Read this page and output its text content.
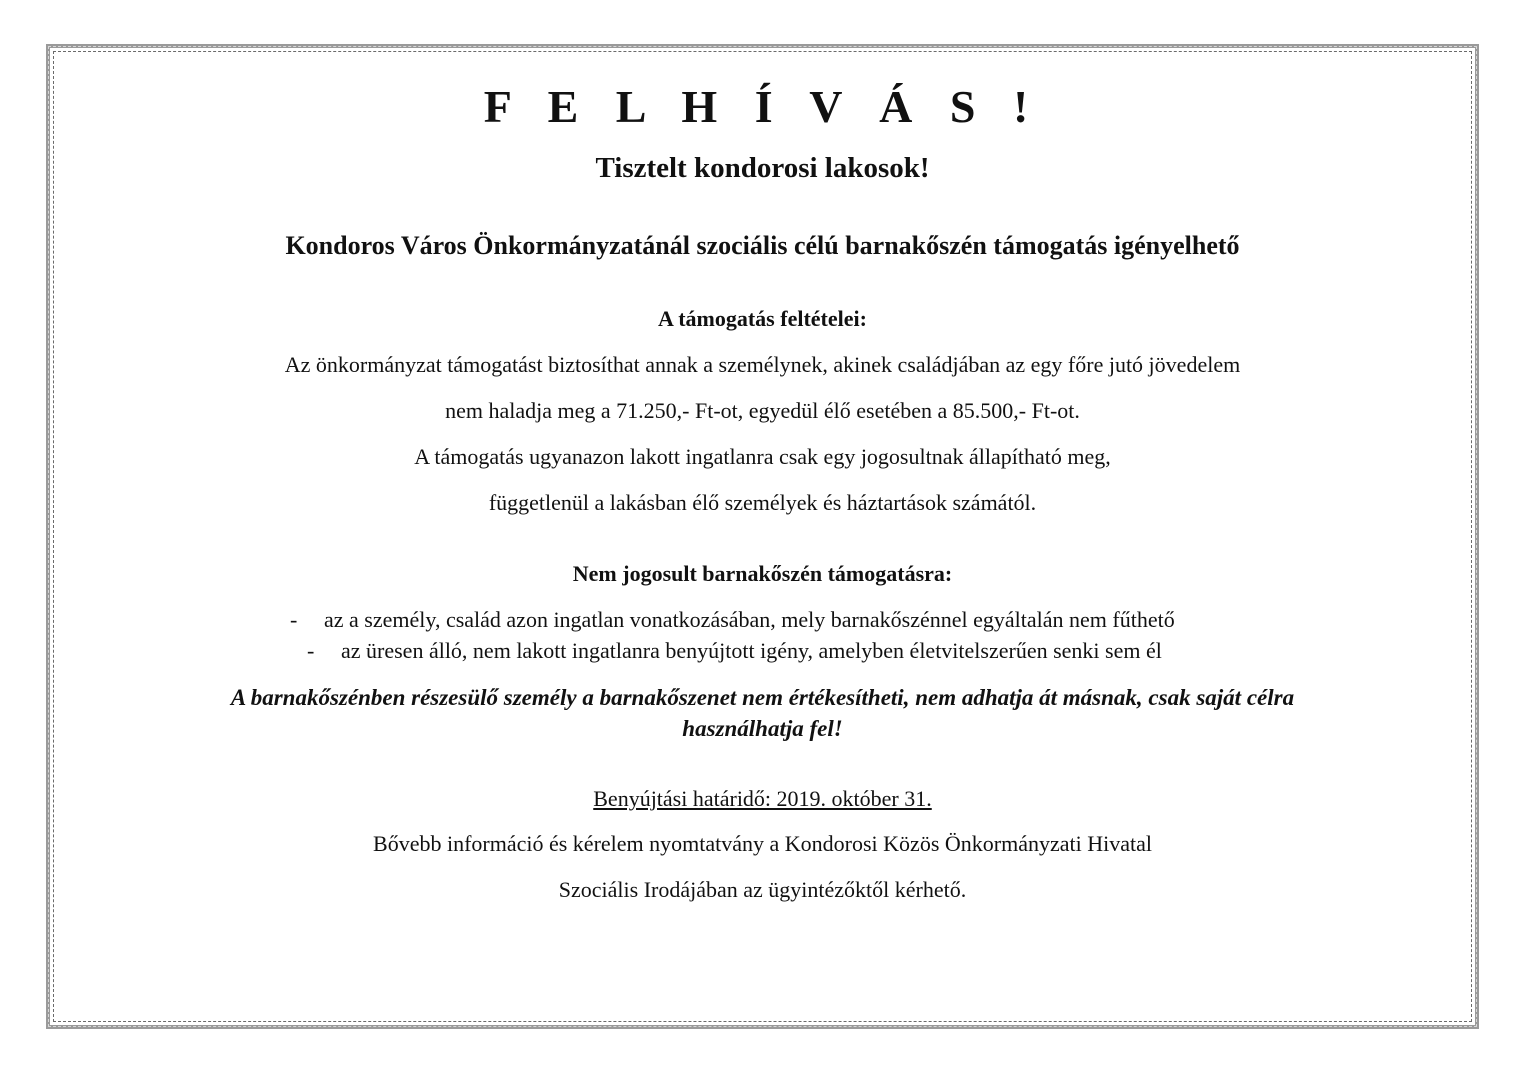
F E L H Í V Á S !
Tisztelt kondorosi lakosok!
Kondoros Város Önkormányzatánál szociális célú barnakőszén támogatás igényelhető
A támogatás feltételei:
Az önkormányzat támogatást biztosíthat annak a személynek, akinek családjában az egy főre jutó jövedelem
nem haladja meg a 71.250,- Ft-ot, egyedül élő esetében a 85.500,- Ft-ot.
A támogatás ugyanazon lakott ingatlanra csak egy jogosultnak állapítható meg,
függetlenül a lakásban élő személyek és háztartások számától.
Nem jogosult barnakőszén támogatásra:
- az a személy, család azon ingatlan vonatkozásában, mely barnakőszénnel egyáltalán nem fűthető
- az üresen álló, nem lakott ingatlanra benyújtott igény, amelyben életvitelszerűen senki sem él
A barnakőszénben részesülő személy a barnakőszenet nem értékesítheti, nem adhatja át másnak, csak saját célra
használhatja fel!
Benyújtási határidő: 2019. október 31.
Bővebb információ és kérelem nyomtatvány a Kondorosi Közös Önkormányzati Hivatal
Szociális Irodájában az ügyintézőktől kérhető.
